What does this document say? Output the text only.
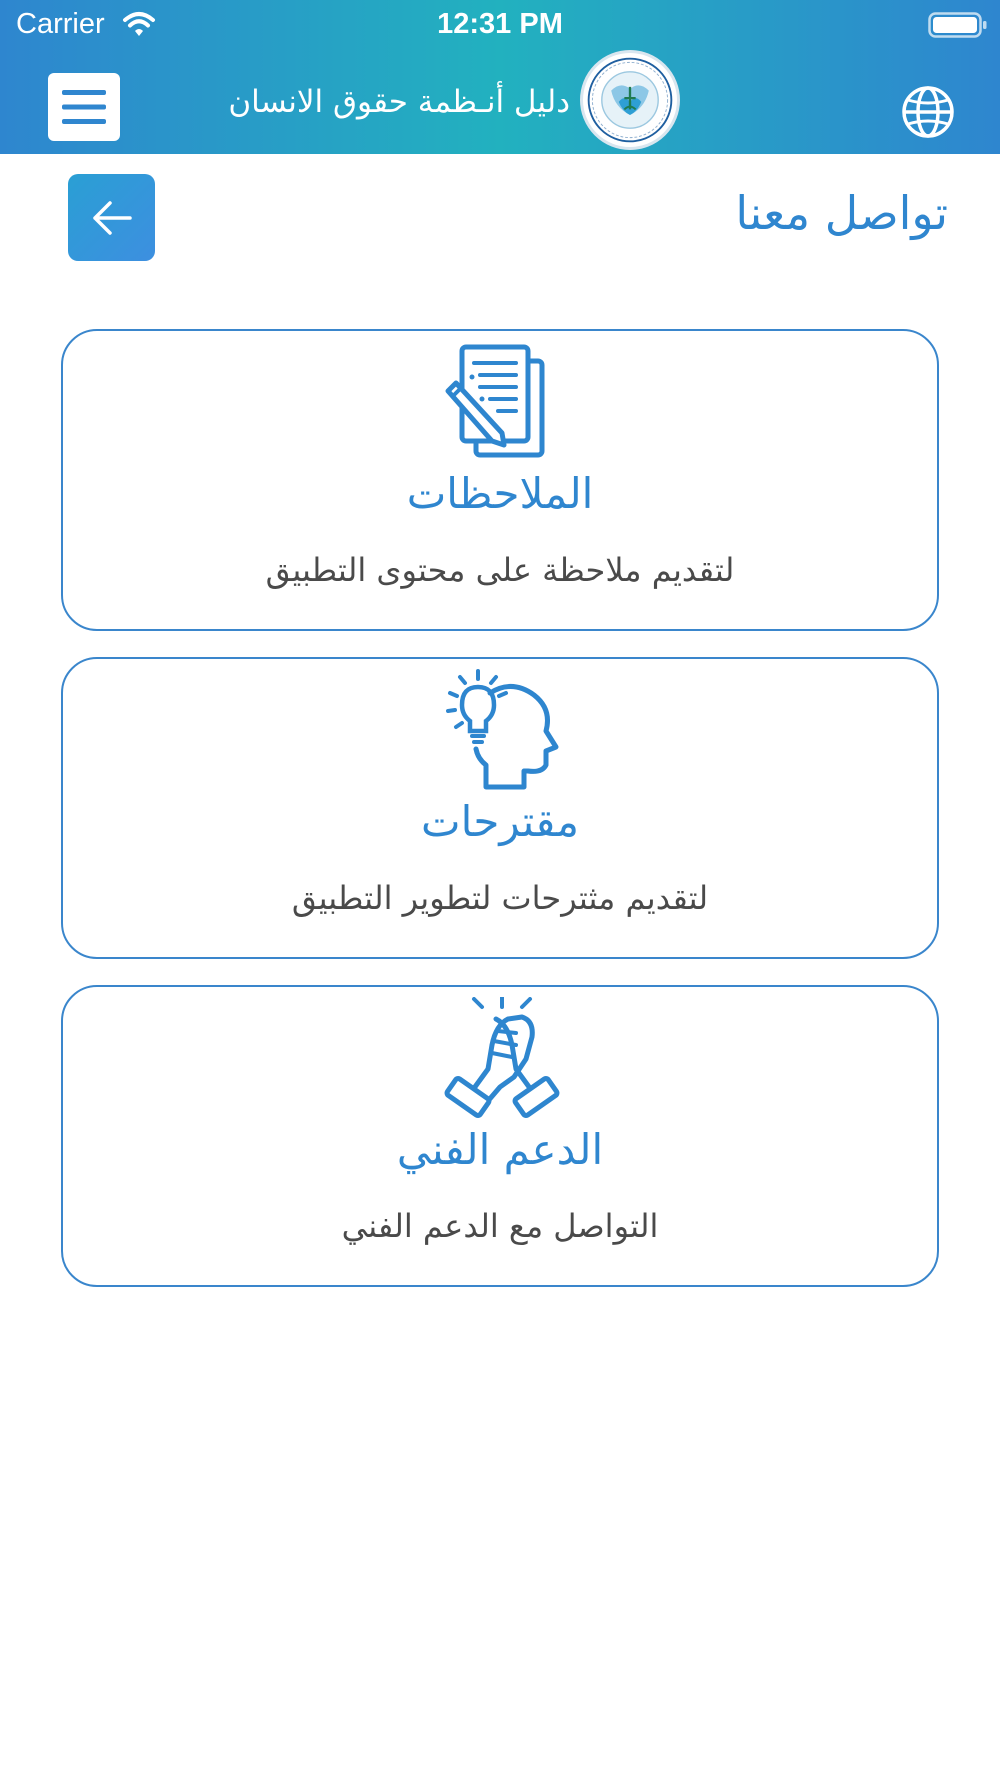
Carrier	12:31 PM
دليل أنـظمة حقوق الانسان
تواصل معنا
الملاحظات
لتقديم ملاحظة على محتوى التطبيق
مقترحات
لتقديم مثترحات لتطوير التطبيق
الدعم الفني
التواصل مع الدعم الفني
